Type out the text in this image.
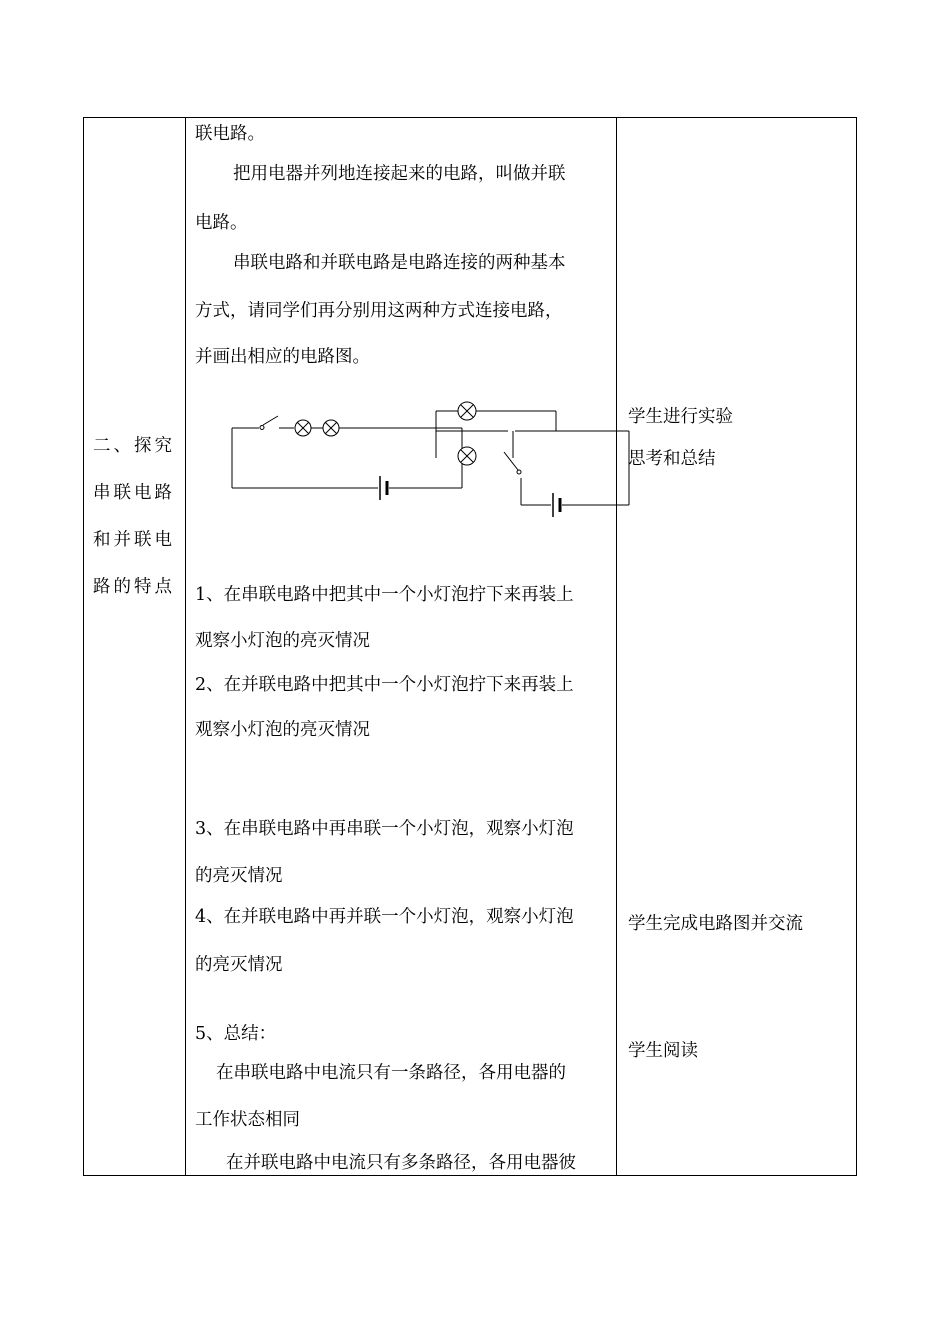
二、探究
串联电路
和并联电
路的特点
联电路。
把用电器并列地连接起来的电路，叫做并联
电路。
串联电路和并联电路是电路连接的两种基本
方式，请同学们再分别用这两种方式连接电路，
并画出相应的电路图。
1、在串联电路中把其中一个小灯泡拧下来再装上
观察小灯泡的亮灭情况
2、在并联电路中把其中一个小灯泡拧下来再装上
观察小灯泡的亮灭情况
3、在串联电路中再串联一个小灯泡，观察小灯泡
的亮灭情况
4、在并联电路中再并联一个小灯泡，观察小灯泡
的亮灭情况
5、总结：
在串联电路中电流只有一条路径，各用电器的
工作状态相同
在并联电路中电流只有多条路径，各用电器彼
学生进行实验
思考和总结
学生完成电路图并交流
学生阅读
